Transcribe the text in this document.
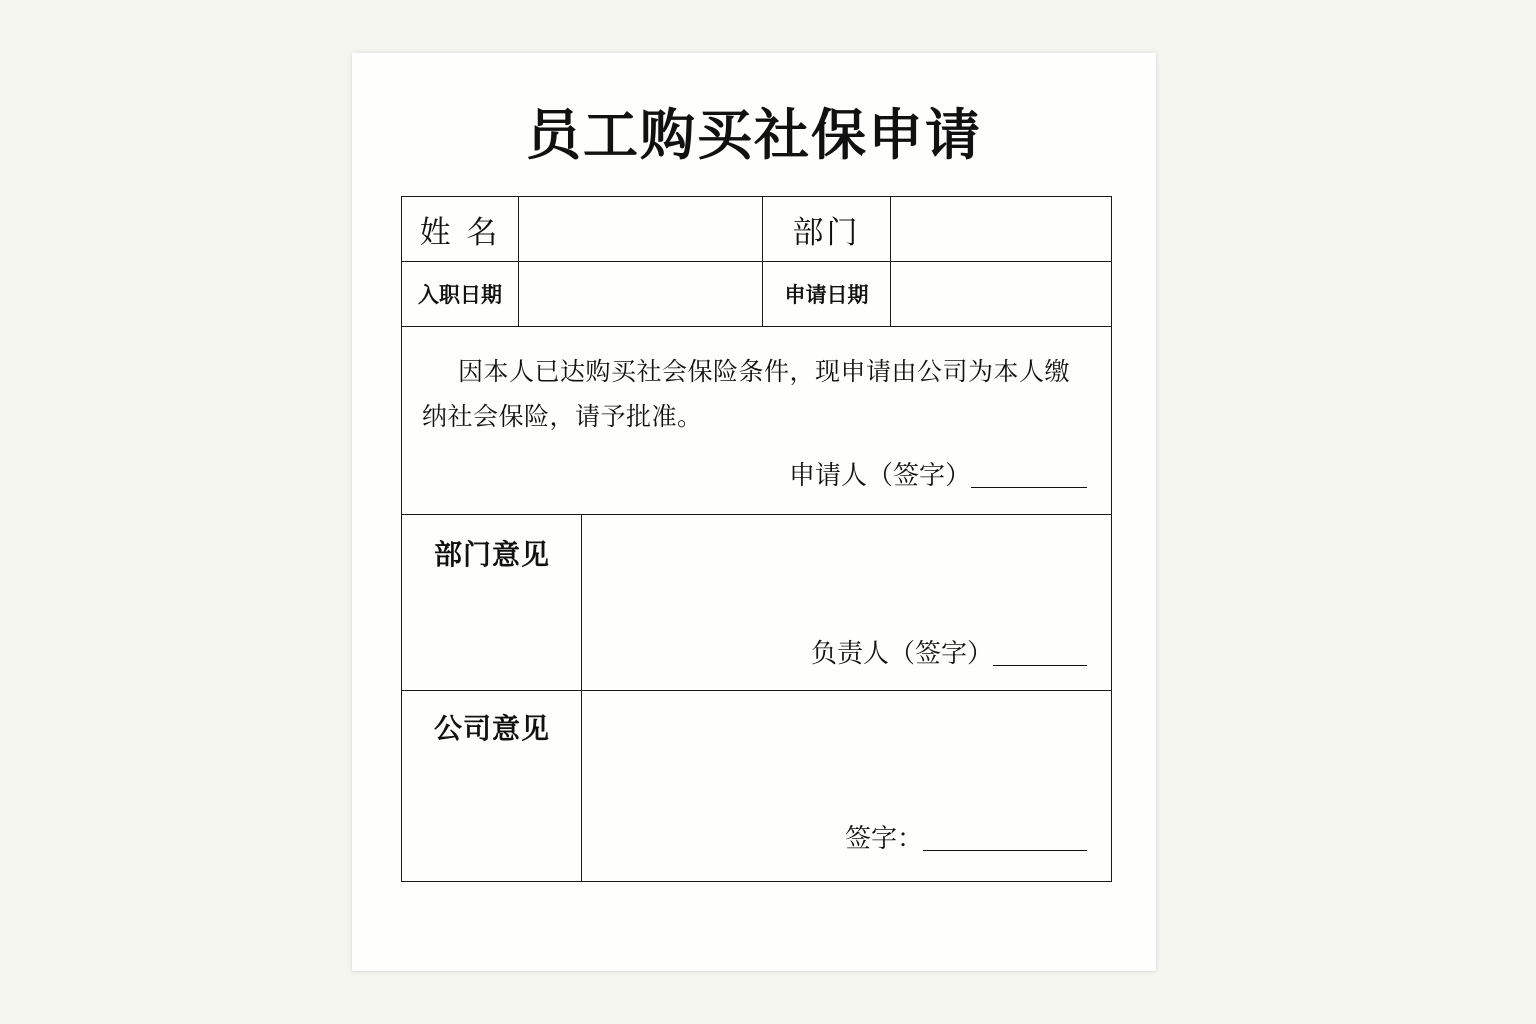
员工购买社保申请
姓 名	部门
入职日期	申请日期
因本人已达购买社会保险条件，现申请由公司为本人缴纳社会保险，请予批准。
申请人（签字）
部门意见
负责人（签字）
公司意见
签字：
